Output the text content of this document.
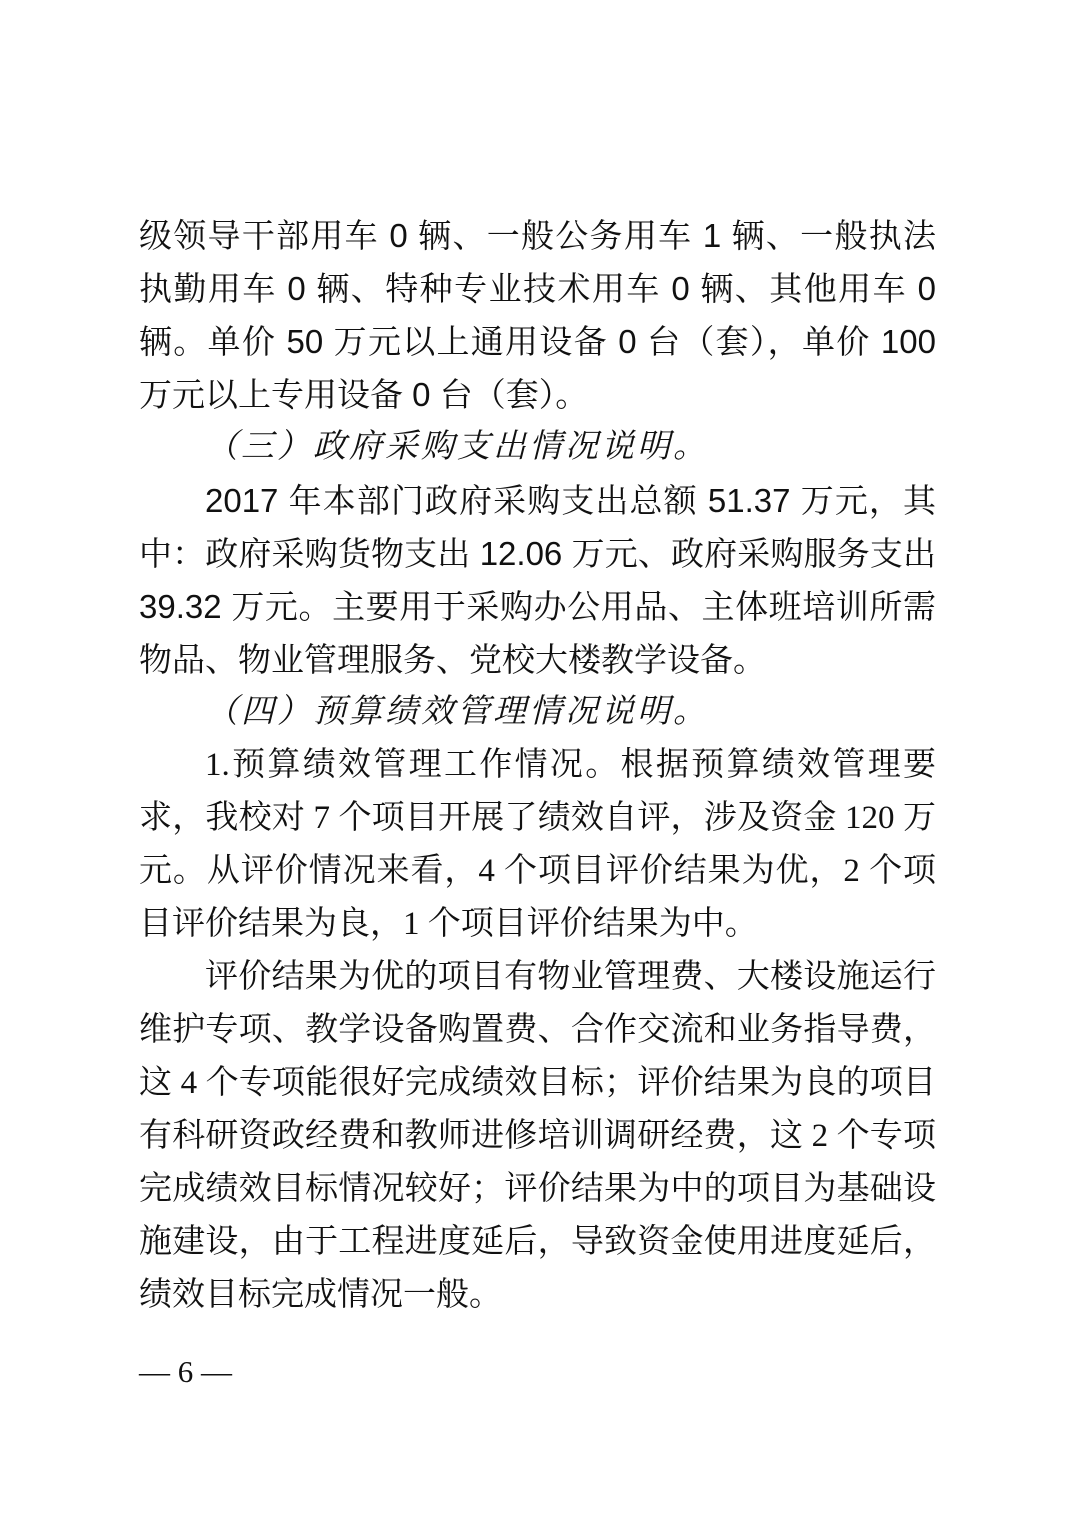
级领导干部用车 0 辆、一般公务用车 1 辆、一般执法执勤用车 0 辆、特种专业技术用车 0 辆、其他用车 0 辆。单价 50 万元以上通用设备 0 台（套），单价 100 万元以上专用设备 0 台（套）。

（三）政府采购支出情况说明。

2017 年本部门政府采购支出总额 51.37 万元，其中：政府采购货物支出 12.06 万元、政府采购服务支出 39.32 万元。主要用于采购办公用品、主体班培训所需物品、物业管理服务、党校大楼教学设备。

（四）预算绩效管理情况说明。

1.预算绩效管理工作情况。根据预算绩效管理要求，我校对 7 个项目开展了绩效自评，涉及资金 120 万元。从评价情况来看，4 个项目评价结果为优，2 个项目评价结果为良，1 个项目评价结果为中。

评价结果为优的项目有物业管理费、大楼设施运行维护专项、教学设备购置费、合作交流和业务指导费，这 4 个专项能很好完成绩效目标；评价结果为良的项目有科研资政经费和教师进修培训调研经费，这 2 个专项完成绩效目标情况较好；评价结果为中的项目为基础设施建设，由于工程进度延后，导致资金使用进度延后，绩效目标完成情况一般。

— 6 —
